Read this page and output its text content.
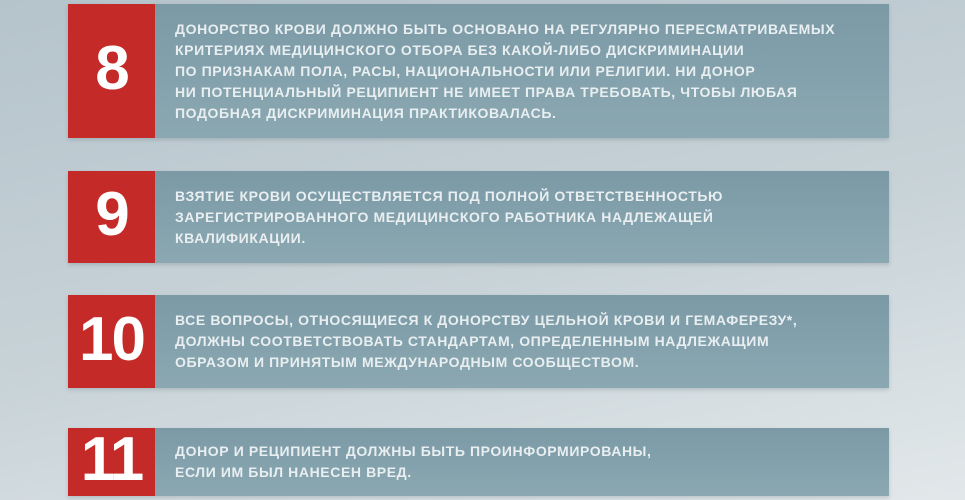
8
ДОНОРСТВО КРОВИ ДОЛЖНО БЫТЬ ОСНОВАНО НА РЕГУЛЯРНО ПЕРЕСМАТРИВАЕМЫХ
КРИТЕРИЯХ МЕДИЦИНСКОГО ОТБОРА БЕЗ КАКОЙ-ЛИБО ДИСКРИМИНАЦИИ
ПО ПРИЗНАКАМ ПОЛА, РАСЫ, НАЦИОНАЛЬНОСТИ ИЛИ РЕЛИГИИ. НИ ДОНОР
НИ ПОТЕНЦИАЛЬНЫЙ РЕЦИПИЕНТ НЕ ИМЕЕТ ПРАВА ТРЕБОВАТЬ, ЧТОБЫ ЛЮБАЯ
ПОДОБНАЯ ДИСКРИМИНАЦИЯ ПРАКТИКОВАЛАСЬ.
9	ВЗЯТИЕ КРОВИ ОСУЩЕСТВЛЯЕТСЯ ПОД ПОЛНОЙ ОТВЕТСТВЕННОСТЬЮ
ЗАРЕГИСТРИРОВАННОГО МЕДИЦИНСКОГО РАБОТНИКА НАДЛЕЖАЩЕЙ
КВАЛИФИКАЦИИ.
10 ВСЕ ВОПРОСЫ, ОТНОСЯЩИЕСЯ К ДОНОРСТВУ ЦЕЛЬНОЙ КРОВИ И ГЕМАФЕРЕЗУ*,
ДОЛЖНЫ СООТВЕТСТВОВАТЬ СТАНДАРТАМ, ОПРЕДЕЛЕННЫМ НАДЛЕЖАЩИМ
ОБРАЗОМ И ПРИНЯТЫМ МЕЖДУНАРОДНЫМ СООБЩЕСТВОМ.
11 ДОНОР И РЕЦИПИЕНТ ДОЛЖНЫ БЫТЬ ПРОИНФОРМИРОВАНЫ,
ЕСЛИ ИМ БЫЛ НАНЕСЕН ВРЕД.
